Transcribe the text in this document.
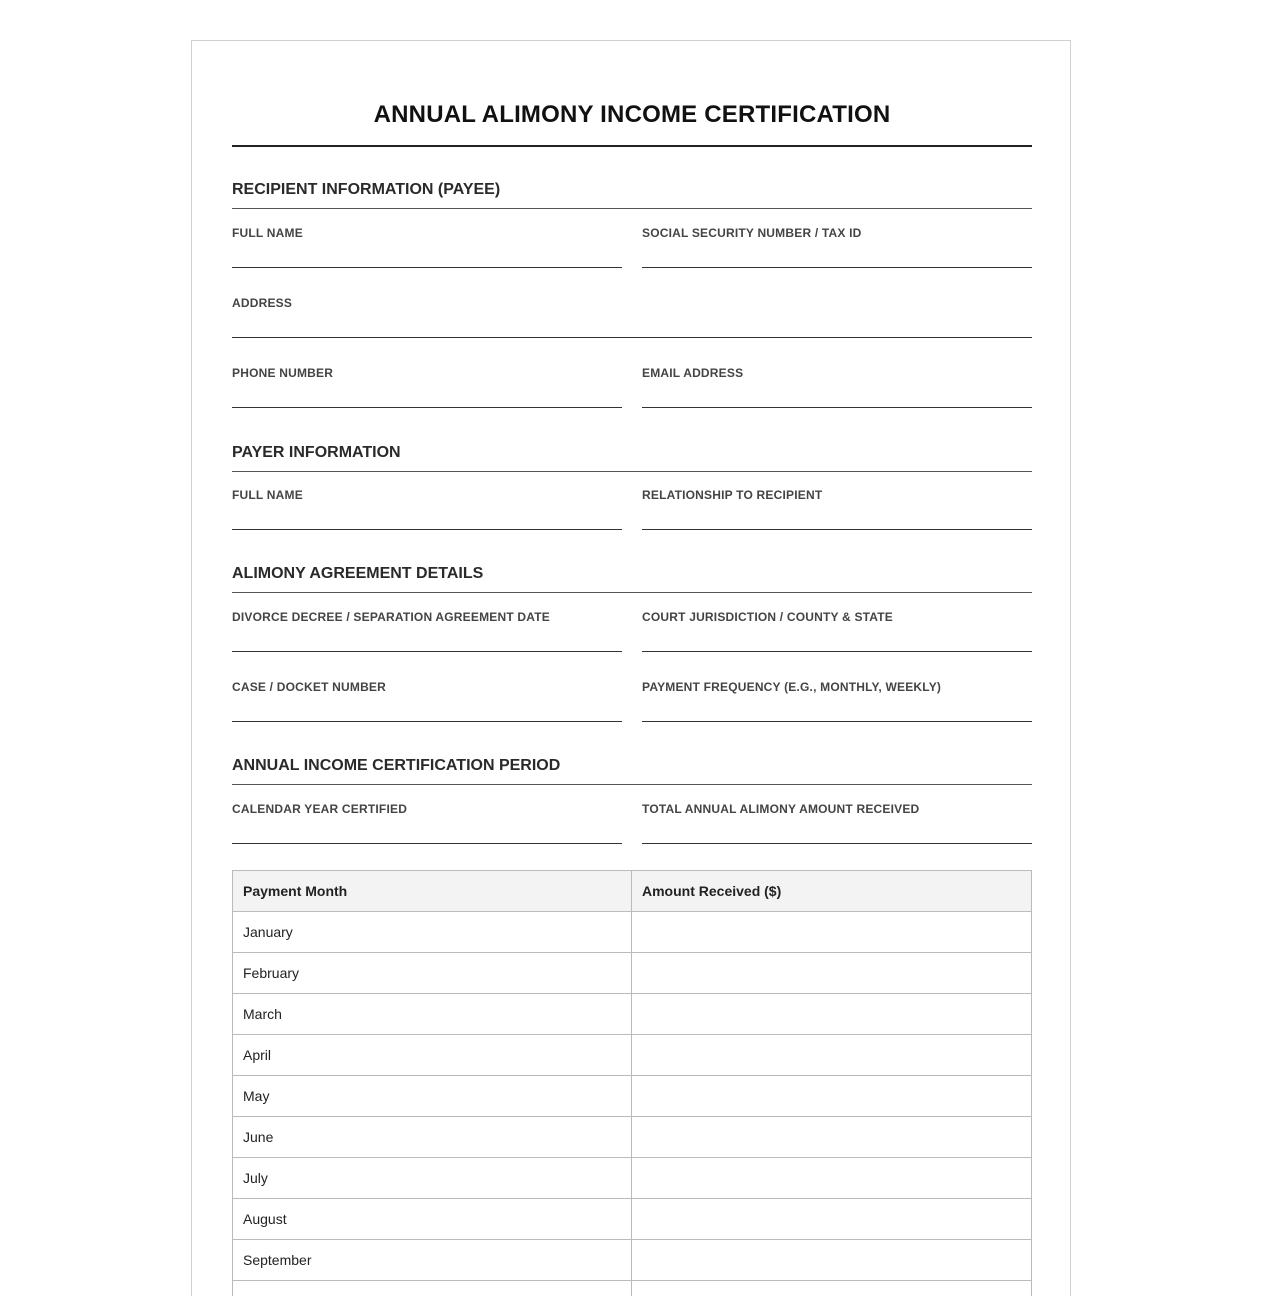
ANNUAL ALIMONY INCOME CERTIFICATION
RECIPIENT INFORMATION (PAYEE)
FULL NAME	SOCIAL SECURITY NUMBER / TAX ID
ADDRESS
PHONE NUMBER	EMAIL ADDRESS
PAYER INFORMATION
FULL NAME	RELATIONSHIP TO RECIPIENT
ALIMONY AGREEMENT DETAILS
DIVORCE DECREE / SEPARATION AGREEMENT DATE	COURT JURISDICTION / COUNTY & STATE
CASE / DOCKET NUMBER	PAYMENT FREQUENCY (E.G., MONTHLY, WEEKLY)
ANNUAL INCOME CERTIFICATION PERIOD
CALENDAR YEAR CERTIFIED	TOTAL ANNUAL ALIMONY AMOUNT RECEIVED
Payment Month	Amount Received ($)
January	
February	
March	
April	
May	
June	
July	
August	
September	
